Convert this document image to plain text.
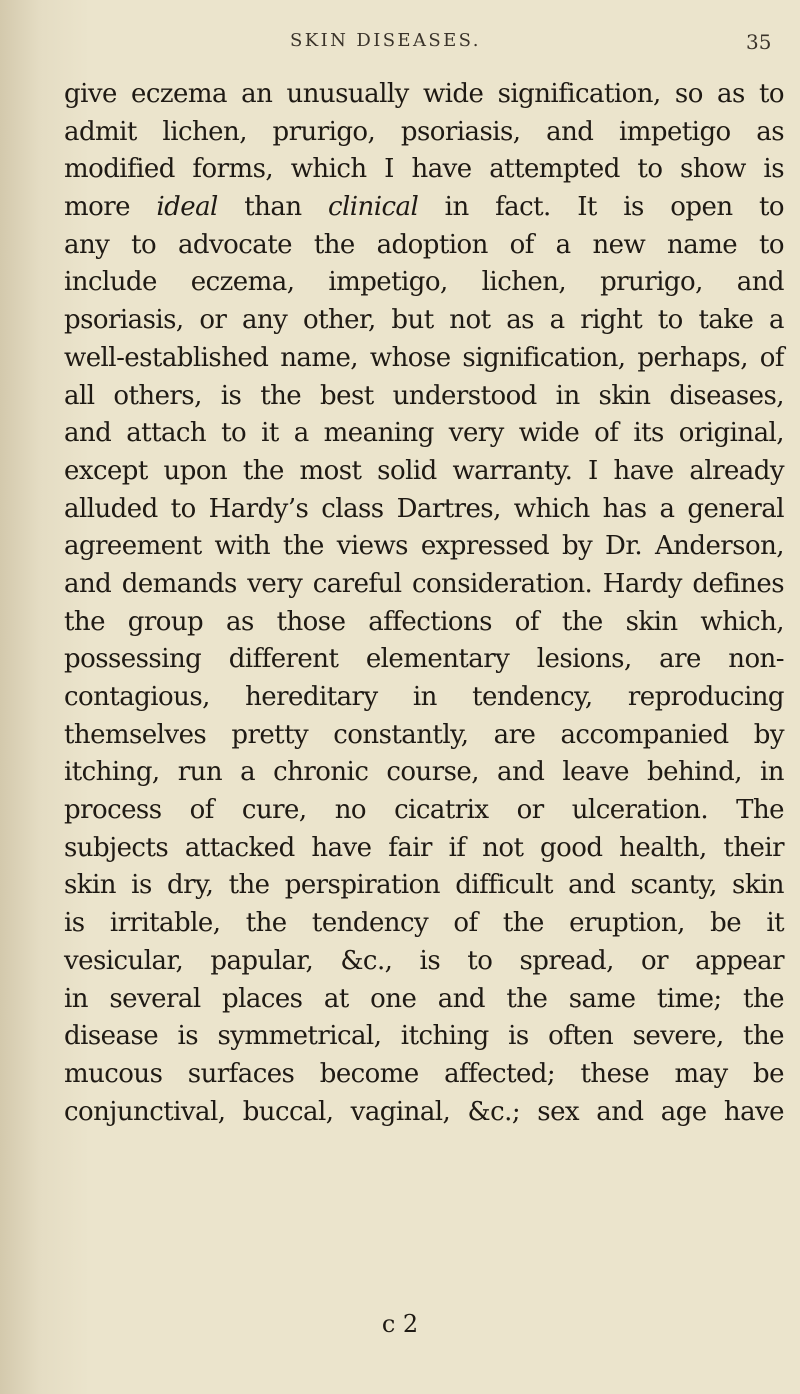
SKIN DISEASES.	35
give eczema an unusually wide signification, so as to
admit lichen, prurigo, psoriasis, and impetigo as
modified forms, which I have attempted to show is
more ideal than clinical in fact. It is open to
any to advocate the adoption of a new name to
include eczema, impetigo, lichen, prurigo, and
psoriasis, or any other, but not as a right to take a
well-established name, whose signification, perhaps, of
all others, is the best understood in skin diseases,
and attach to it a meaning very wide of its original,
except upon the most solid warranty. I have already
alluded to Hardy’s class Dartres, which has a general
agreement with the views expressed by Dr. Anderson,
and demands very careful consideration. Hardy defines
the group as those affections of the skin which,
possessing different elementary lesions, are non-
contagious, hereditary in tendency, reproducing
themselves pretty constantly, are accompanied by
itching, run a chronic course, and leave behind, in
process of cure, no cicatrix or ulceration. The
subjects attacked have fair if not good health, their
skin is dry, the perspiration difficult and scanty, skin
is irritable, the tendency of the eruption, be it
vesicular, papular, &c., is to spread, or appear
in several places at one and the same time; the
disease is symmetrical, itching is often severe, the
mucous surfaces become affected; these may be
conjunctival, buccal, vaginal, &c.; sex and age have
c 2
